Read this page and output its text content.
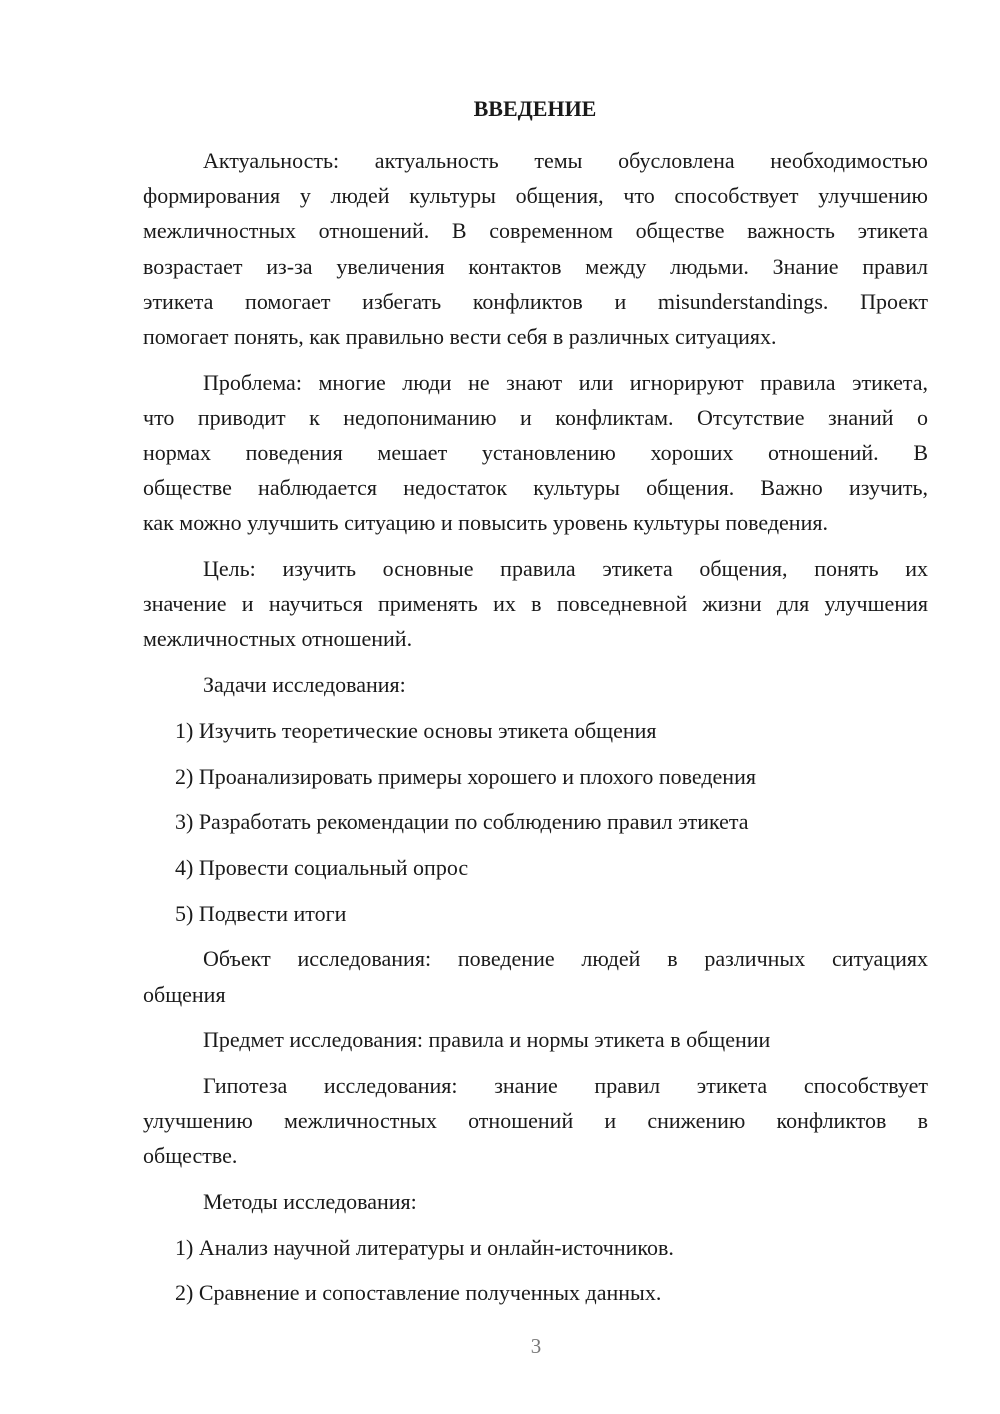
ВВЕДЕНИЕ
Актуальность: актуальность темы обусловлена необходимостью
формирования у людей культуры общения, что способствует улучшению
межличностных отношений. В современном обществе важность этикета
возрастает из-за увеличения контактов между людьми. Знание правил
этикета помогает избегать конфликтов и misunderstandings. Проект
помогает понять, как правильно вести себя в различных ситуациях.
Проблема: многие люди не знают или игнорируют правила этикета,
что приводит к недопониманию и конфликтам. Отсутствие знаний о
нормах поведения мешает установлению хороших отношений. В
обществе наблюдается недостаток культуры общения. Важно изучить,
как можно улучшить ситуацию и повысить уровень культуры поведения.
Цель: изучить основные правила этикета общения, понять их
значение и научиться применять их в повседневной жизни для улучшения
межличностных отношений.
Задачи исследования:
1) Изучить теоретические основы этикета общения
2) Проанализировать примеры хорошего и плохого поведения
3) Разработать рекомендации по соблюдению правил этикета
4) Провести социальный опрос
5) Подвести итоги
Объект исследования: поведение людей в различных ситуациях
общения
Предмет исследования: правила и нормы этикета в общении
Гипотеза исследования: знание правил этикета способствует
улучшению межличностных отношений и снижению конфликтов в
обществе.
Методы исследования:
1) Анализ научной литературы и онлайн-источников.
2) Сравнение и сопоставление полученных данных.
3
